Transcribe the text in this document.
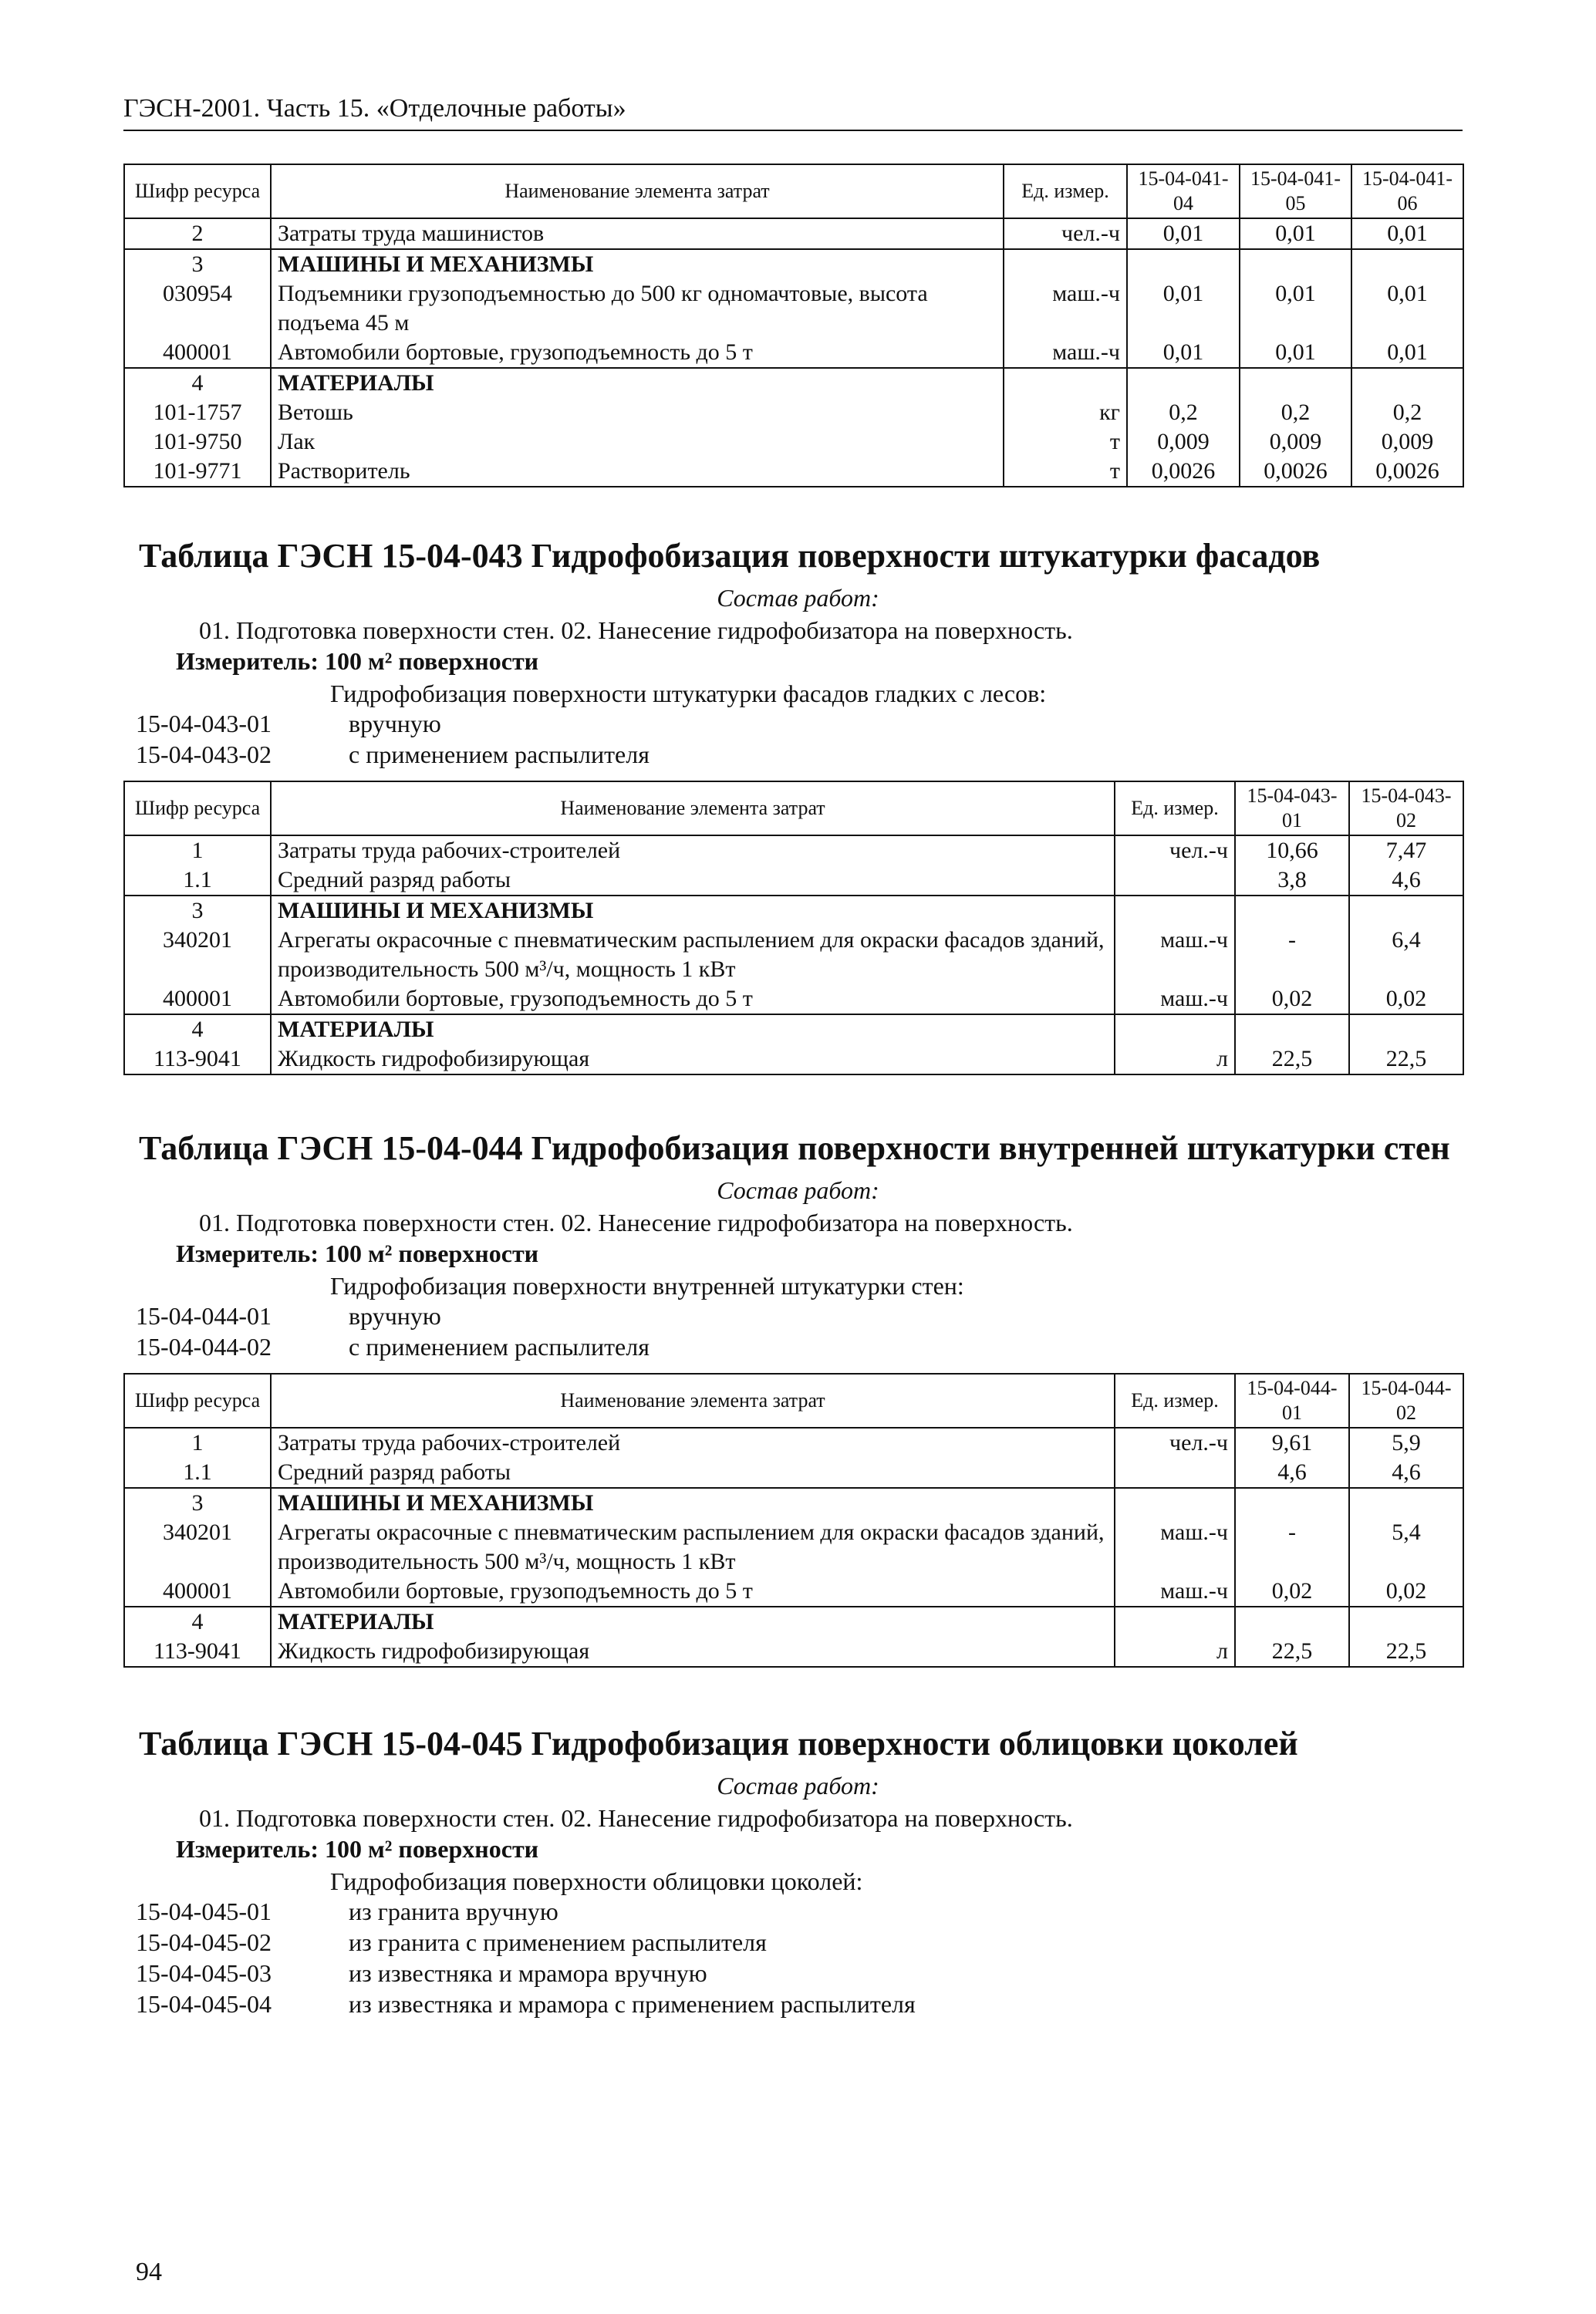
ГЭСН-2001. Часть 15. «Отделочные работы»
Шифр ресурса	Наименование элемента затрат	Ед. измер.	15-04-041-04	15-04-041-05	15-04-041-06
2	Затраты труда машинистов	чел.-ч	0,01	0,01	0,01
3	МАШИНЫ И МЕХАНИЗМЫ				
030954	Подъемники грузоподъемностью до 500 кг одномачтовые, высота подъема 45 м	маш.-ч	0,01	0,01	0,01
400001	Автомобили бортовые, грузоподъемность до 5 т	маш.-ч	0,01	0,01	0,01
4	МАТЕРИАЛЫ				
101-1757	Ветошь	кг	0,2	0,2	0,2
101-9750	Лак	т	0,009	0,009	0,009
101-9771	Растворитель	т	0,0026	0,0026	0,0026
Таблица ГЭСН 15-04-043 Гидрофобизация поверхности штукатурки фасадов
Состав работ:
01. Подготовка поверхности стен. 02. Нанесение гидрофобизатора на поверхность.
Измеритель: 100 м² поверхности
Гидрофобизация поверхности штукатурки фасадов гладких с лесов:
15-04-043-01	вручную
15-04-043-02	с применением распылителя
Шифр ресурса	Наименование элемента затрат	Ед. измер.	15-04-043-01	15-04-043-02
1	Затраты труда рабочих-строителей	чел.-ч	10,66	7,47
1.1	Средний разряд работы		3,8	4,6
3	МАШИНЫ И МЕХАНИЗМЫ			
340201	Агрегаты окрасочные с пневматическим распылением для окраски фасадов зданий, производительность 500 м³/ч, мощность 1 кВт	маш.-ч	-	6,4
400001	Автомобили бортовые, грузоподъемность до 5 т	маш.-ч	0,02	0,02
4	МАТЕРИАЛЫ			
113-9041	Жидкость гидрофобизирующая	л	22,5	22,5
Таблица ГЭСН 15-04-044 Гидрофобизация поверхности внутренней штукатурки стен
Состав работ:
01. Подготовка поверхности стен. 02. Нанесение гидрофобизатора на поверхность.
Измеритель: 100 м² поверхности
Гидрофобизация поверхности внутренней штукатурки стен:
15-04-044-01	вручную
15-04-044-02	с применением распылителя
Шифр ресурса	Наименование элемента затрат	Ед. измер.	15-04-044-01	15-04-044-02
1	Затраты труда рабочих-строителей	чел.-ч	9,61	5,9
1.1	Средний разряд работы		4,6	4,6
3	МАШИНЫ И МЕХАНИЗМЫ			
340201	Агрегаты окрасочные с пневматическим распылением для окраски фасадов зданий, производительность 500 м³/ч, мощность 1 кВт	маш.-ч	-	5,4
400001	Автомобили бортовые, грузоподъемность до 5 т	маш.-ч	0,02	0,02
4	МАТЕРИАЛЫ			
113-9041	Жидкость гидрофобизирующая	л	22,5	22,5
Таблица ГЭСН 15-04-045 Гидрофобизация поверхности облицовки цоколей
Состав работ:
01. Подготовка поверхности стен. 02. Нанесение гидрофобизатора на поверхность.
Измеритель: 100 м² поверхности
Гидрофобизация поверхности облицовки цоколей:
15-04-045-01	из гранита вручную
15-04-045-02	из гранита с применением распылителя
15-04-045-03	из известняка и мрамора вручную
15-04-045-04	из известняка и мрамора с применением распылителя
94
